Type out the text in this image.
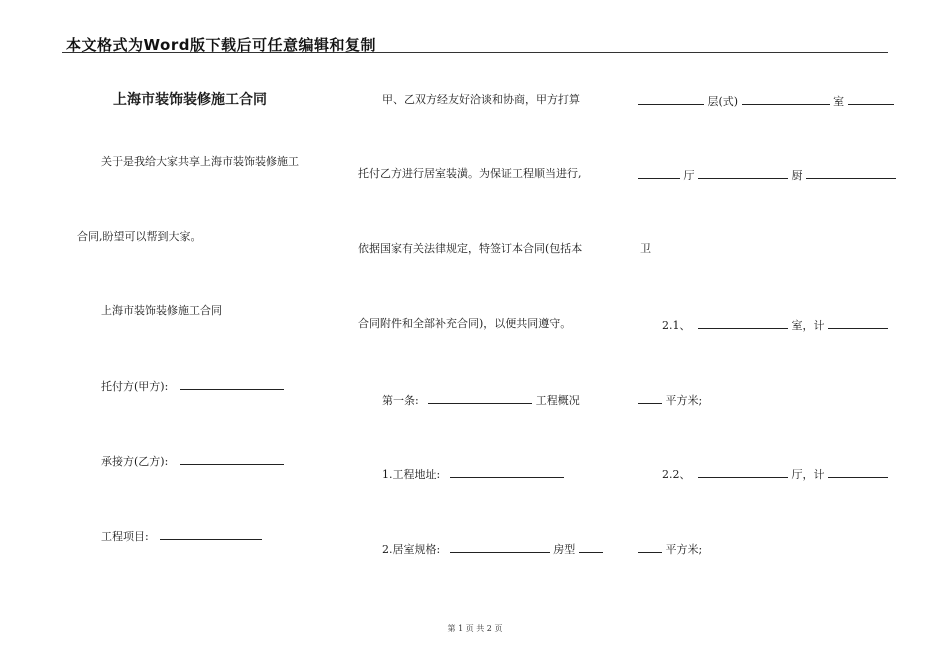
本文格式为Word版下载后可任意编辑和复制
上海市装饰装修施工合同
关于是我给大家共享上海市装饰装修施工
合同,盼望可以帮到大家。
上海市装饰装修施工合同
托付方(甲方):
承接方(乙方):
工程项目:
甲、乙双方经友好洽谈和协商，甲方打算
托付乙方进行居室装潢。为保证工程顺当进行,
依据国家有关法律规定，特签订本合同(包括本
合同附件和全部补充合同)，以便共同遵守。
第一条:	工程概况
1.工程地址:
2.居室规格:	房型
层(式)	室
厅	厨
卫
2.1、	室，计
平方米;
2.2、	厅，计
平方米;
第 1 页 共 2 页
